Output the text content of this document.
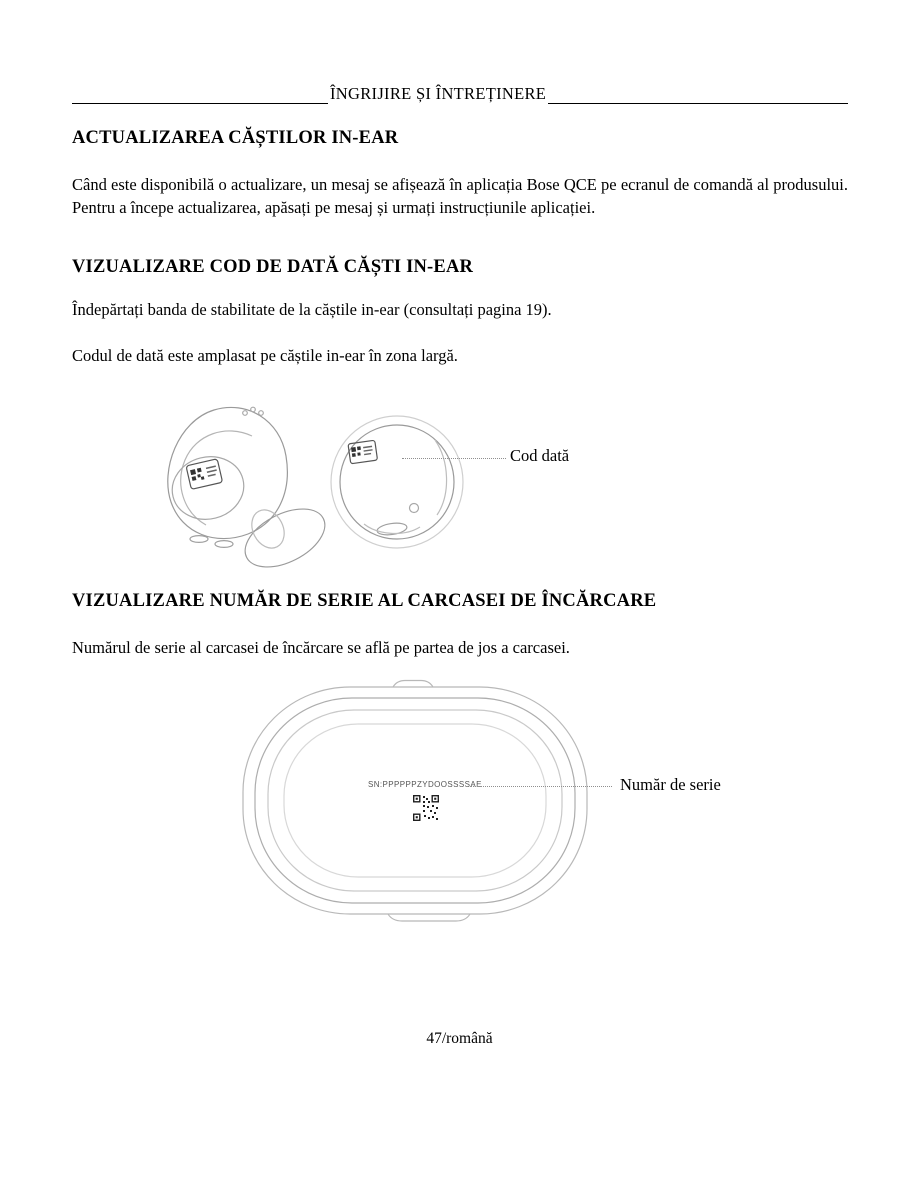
ÎNGRIJIRE ȘI ÎNTREȚINERE
ACTUALIZAREA CĂȘTILOR IN-EAR

Când este disponibilă o actualizare, un mesaj se afișează în aplicația Bose QCE pe ecranul de comandă al produsului. Pentru a începe actualizarea, apăsați pe mesaj și urmați instrucțiunile aplicației.

VIZUALIZARE COD DE DATĂ CĂȘTI IN-EAR

Îndepărtați banda de stabilitate de la căștile in-ear (consultați pagina 19).

Codul de dată este amplasat pe căștile in-ear în zona largă.

Cod dată
VIZUALIZARE NUMĂR DE SERIE AL CARCASEI DE ÎNCĂRCARE

Numărul de serie al carcasei de încărcare se află pe partea de jos a carcasei.

SN:PPPPPPZYDOOSSSSAE	Număr de serie
47/română
